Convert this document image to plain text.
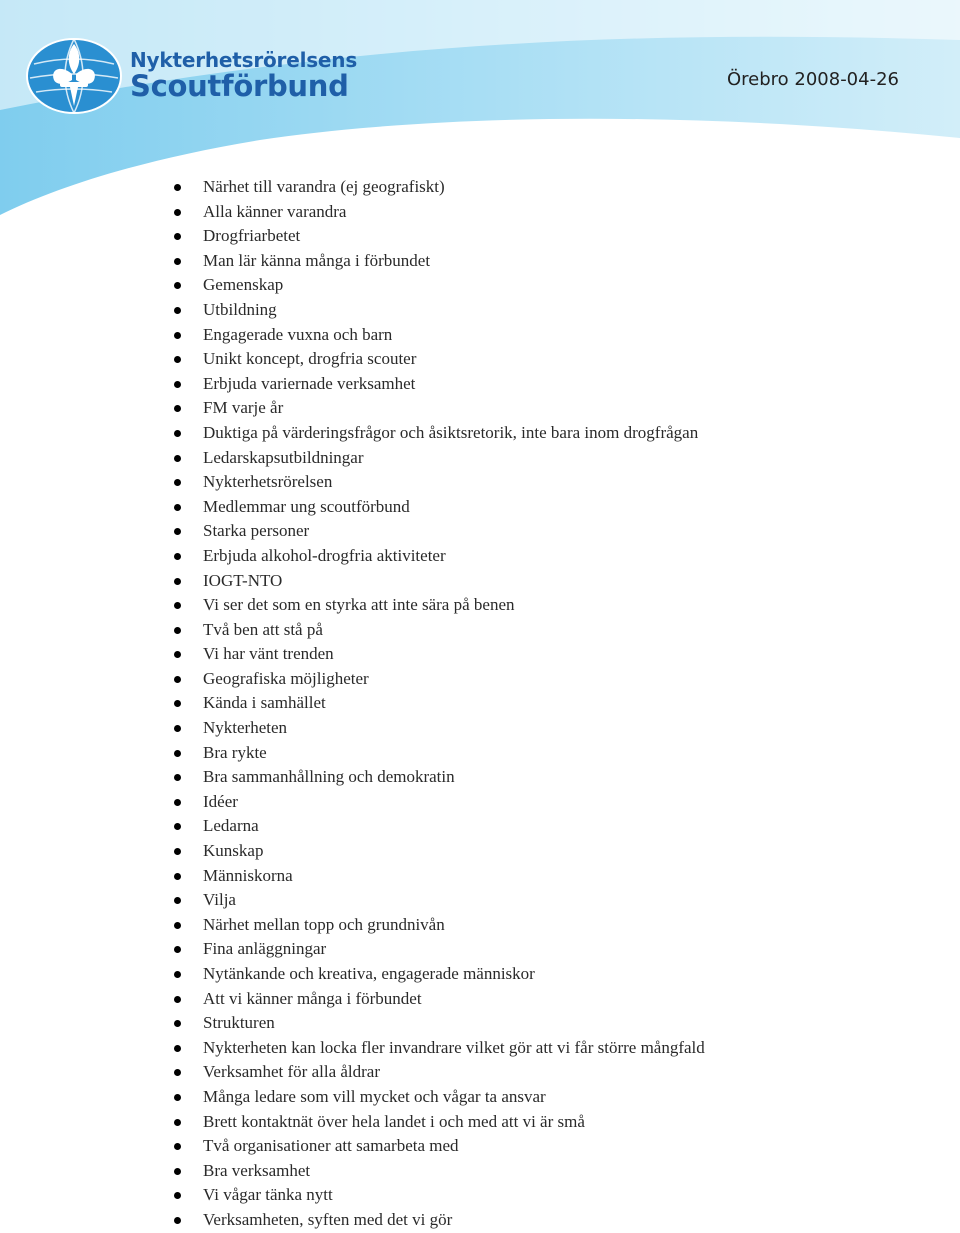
Nykterhetsrörelsens
Scoutförbund	Örebro 2008-04-26
Närhet till varandra (ej geografiskt)
Alla känner varandra
Drogfriarbetet
Man lär känna många i förbundet
Gemenskap
Utbildning
Engagerade vuxna och barn
Unikt koncept, drogfria scouter
Erbjuda variernade verksamhet
FM varje år
Duktiga på värderingsfrågor och åsiktsretorik, inte bara inom drogfrågan
Ledarskapsutbildningar
Nykterhetsrörelsen
Medlemmar ung scoutförbund
Starka personer
Erbjuda alkohol-drogfria aktiviteter
IOGT-NTO
Vi ser det som en styrka att inte sära på benen
Två ben att stå på
Vi har vänt trenden
Geografiska möjligheter
Kända i samhället
Nykterheten
Bra rykte
Bra sammanhållning och demokratin
Idéer
Ledarna
Kunskap
Människorna
Vilja
Närhet mellan topp och grundnivån
Fina anläggningar
Nytänkande och kreativa, engagerade människor
Att vi känner många i förbundet
Strukturen
Nykterheten kan locka fler invandrare vilket gör att vi får större mångfald
Verksamhet för alla åldrar
Många ledare som vill mycket och vågar ta ansvar
Brett kontaktnät över hela landet i och med att vi är små
Två organisationer att samarbeta med
Bra verksamhet
Vi vågar tänka nytt
Verksamheten, syften med det vi gör
